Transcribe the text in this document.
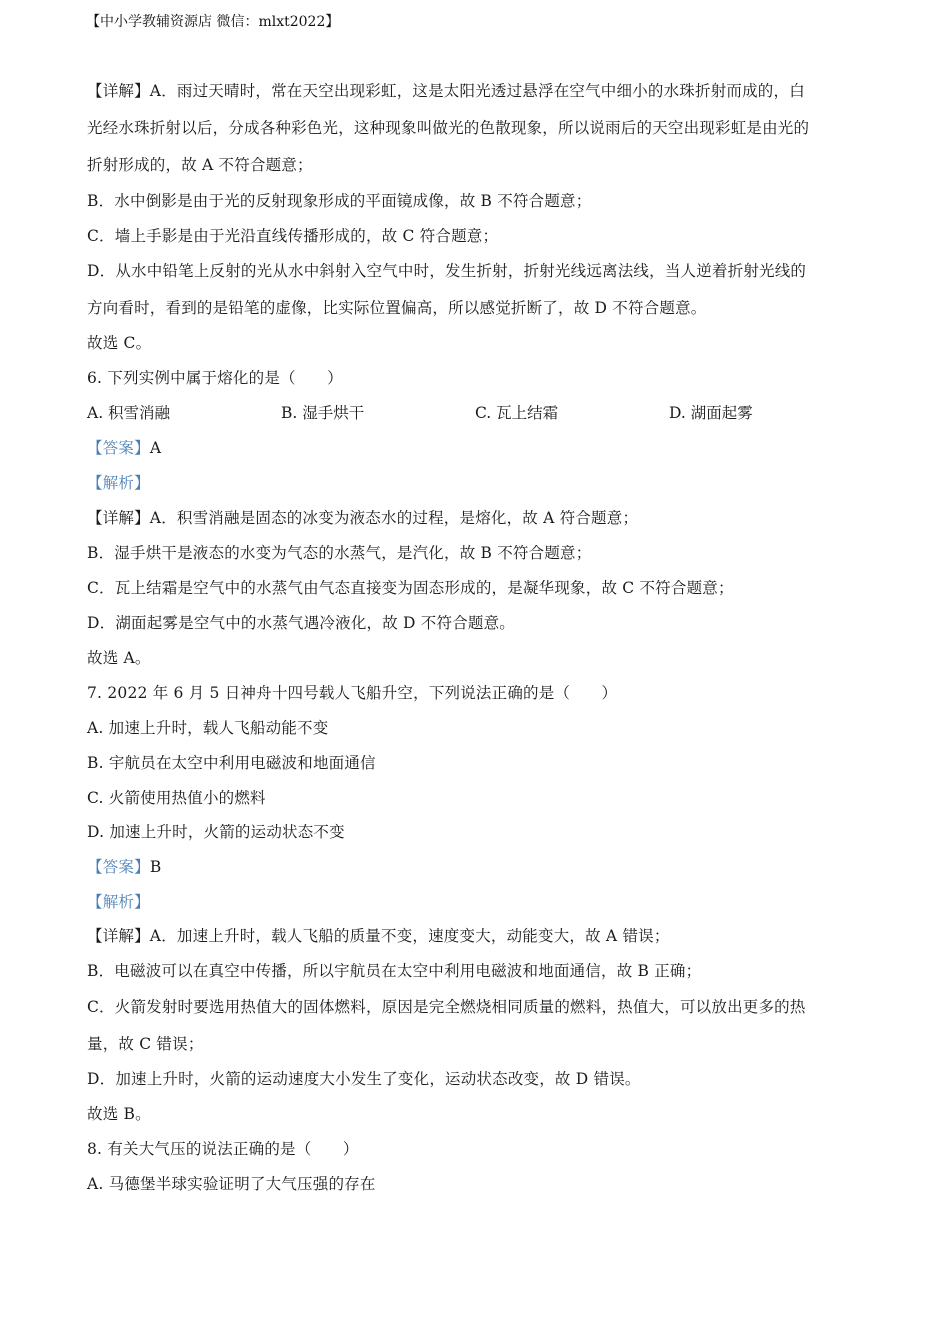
【中小学教辅资源店 微信：mlxt2022】
【详解】A．雨过天晴时，常在天空出现彩虹，这是太阳光透过悬浮在空气中细小的水珠折射而成的，白
光经水珠折射以后，分成各种彩色光，这种现象叫做光的色散现象，所以说雨后的天空出现彩虹是由光的
折射形成的，故 A 不符合题意；
B．水中倒影是由于光的反射现象形成的平面镜成像，故 B 不符合题意；
C．墙上手影是由于光沿直线传播形成的，故 C 符合题意；
D．从水中铅笔上反射的光从水中斜射入空气中时，发生折射，折射光线远离法线，当人逆着折射光线的
方向看时，看到的是铅笔的虚像，比实际位置偏高，所以感觉折断了，故 D 不符合题意。
故选 C。
6. 下列实例中属于熔化的是（　　）
A. 积雪消融	B. 湿手烘干	C. 瓦上结霜	D. 湖面起雾
【答案】A
【解析】
【详解】A．积雪消融是固态的冰变为液态水的过程，是熔化，故 A 符合题意；
B．湿手烘干是液态的水变为气态的水蒸气，是汽化，故 B 不符合题意；
C．瓦上结霜是空气中的水蒸气由气态直接变为固态形成的，是凝华现象，故 C 不符合题意；
D．湖面起雾是空气中的水蒸气遇冷液化，故 D 不符合题意。
故选 A。
7. 2022 年 6 月 5 日神舟十四号载人飞船升空，下列说法正确的是（　　）
A. 加速上升时，载人飞船动能不变
B. 宇航员在太空中利用电磁波和地面通信
C. 火箭使用热值小的燃料
D. 加速上升时，火箭的运动状态不变
【答案】B
【解析】
【详解】A．加速上升时，载人飞船的质量不变，速度变大，动能变大，故 A 错误；
B．电磁波可以在真空中传播，所以宇航员在太空中利用电磁波和地面通信，故 B 正确；
C．火箭发射时要选用热值大的固体燃料，原因是完全燃烧相同质量的燃料，热值大，可以放出更多的热
量，故 C 错误；
D．加速上升时，火箭的运动速度大小发生了变化，运动状态改变，故 D 错误。
故选 B。
8. 有关大气压的说法正确的是（　　）
A. 马德堡半球实验证明了大气压强的存在
